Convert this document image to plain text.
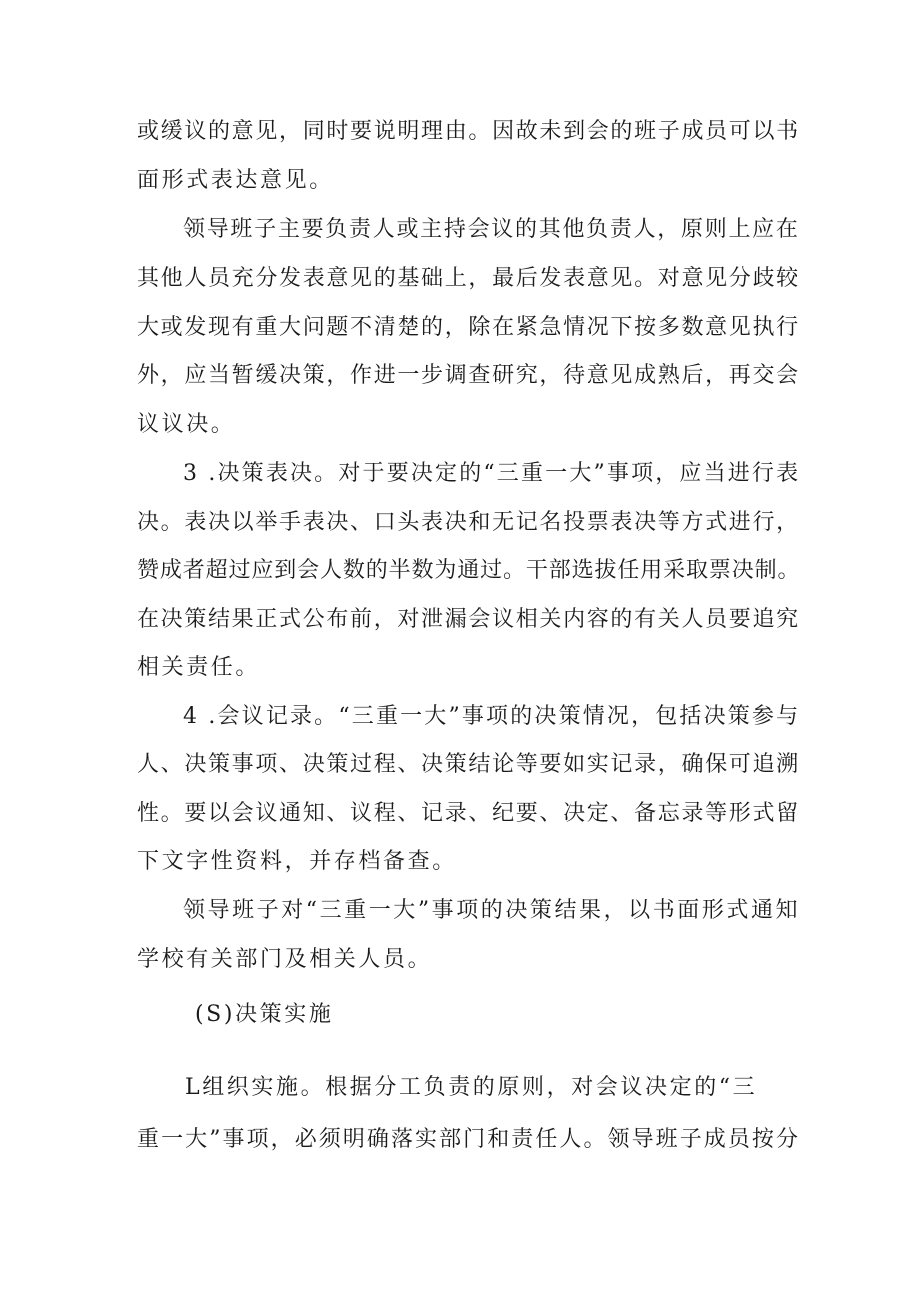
或缓议的意见，同时要说明理由。因故未到会的班子成员可以书
面形式表达意见。
领导班子主要负责人或主持会议的其他负责人，原则上应在
其他人员充分发表意见的基础上，最后发表意见。对意见分歧较
大或发现有重大问题不清楚的，除在紧急情况下按多数意见执行
外，应当暂缓决策，作进一步调查研究，待意见成熟后，再交会
议议决。
3 .决策表决。对于要决定的“三重一大”事项，应当进行表
决。表决以举手表决、口头表决和无记名投票表决等方式进行，
赞成者超过应到会人数的半数为通过。干部选拔任用采取票决制。
在决策结果正式公布前，对泄漏会议相关内容的有关人员要追究
相关责任。
4 .会议记录。“三重一大”事项的决策情况，包括决策参与
人、决策事项、决策过程、决策结论等要如实记录，确保可追溯
性。要以会议通知、议程、记录、纪要、决定、备忘录等形式留
下文字性资料，并存档备查。
领导班子对“三重一大”事项的决策结果，以书面形式通知
学校有关部门及相关人员。
(S)决策实施
L组织实施。根据分工负责的原则，对会议决定的“三
重一大”事项，必须明确落实部门和责任人。领导班子成员按分
